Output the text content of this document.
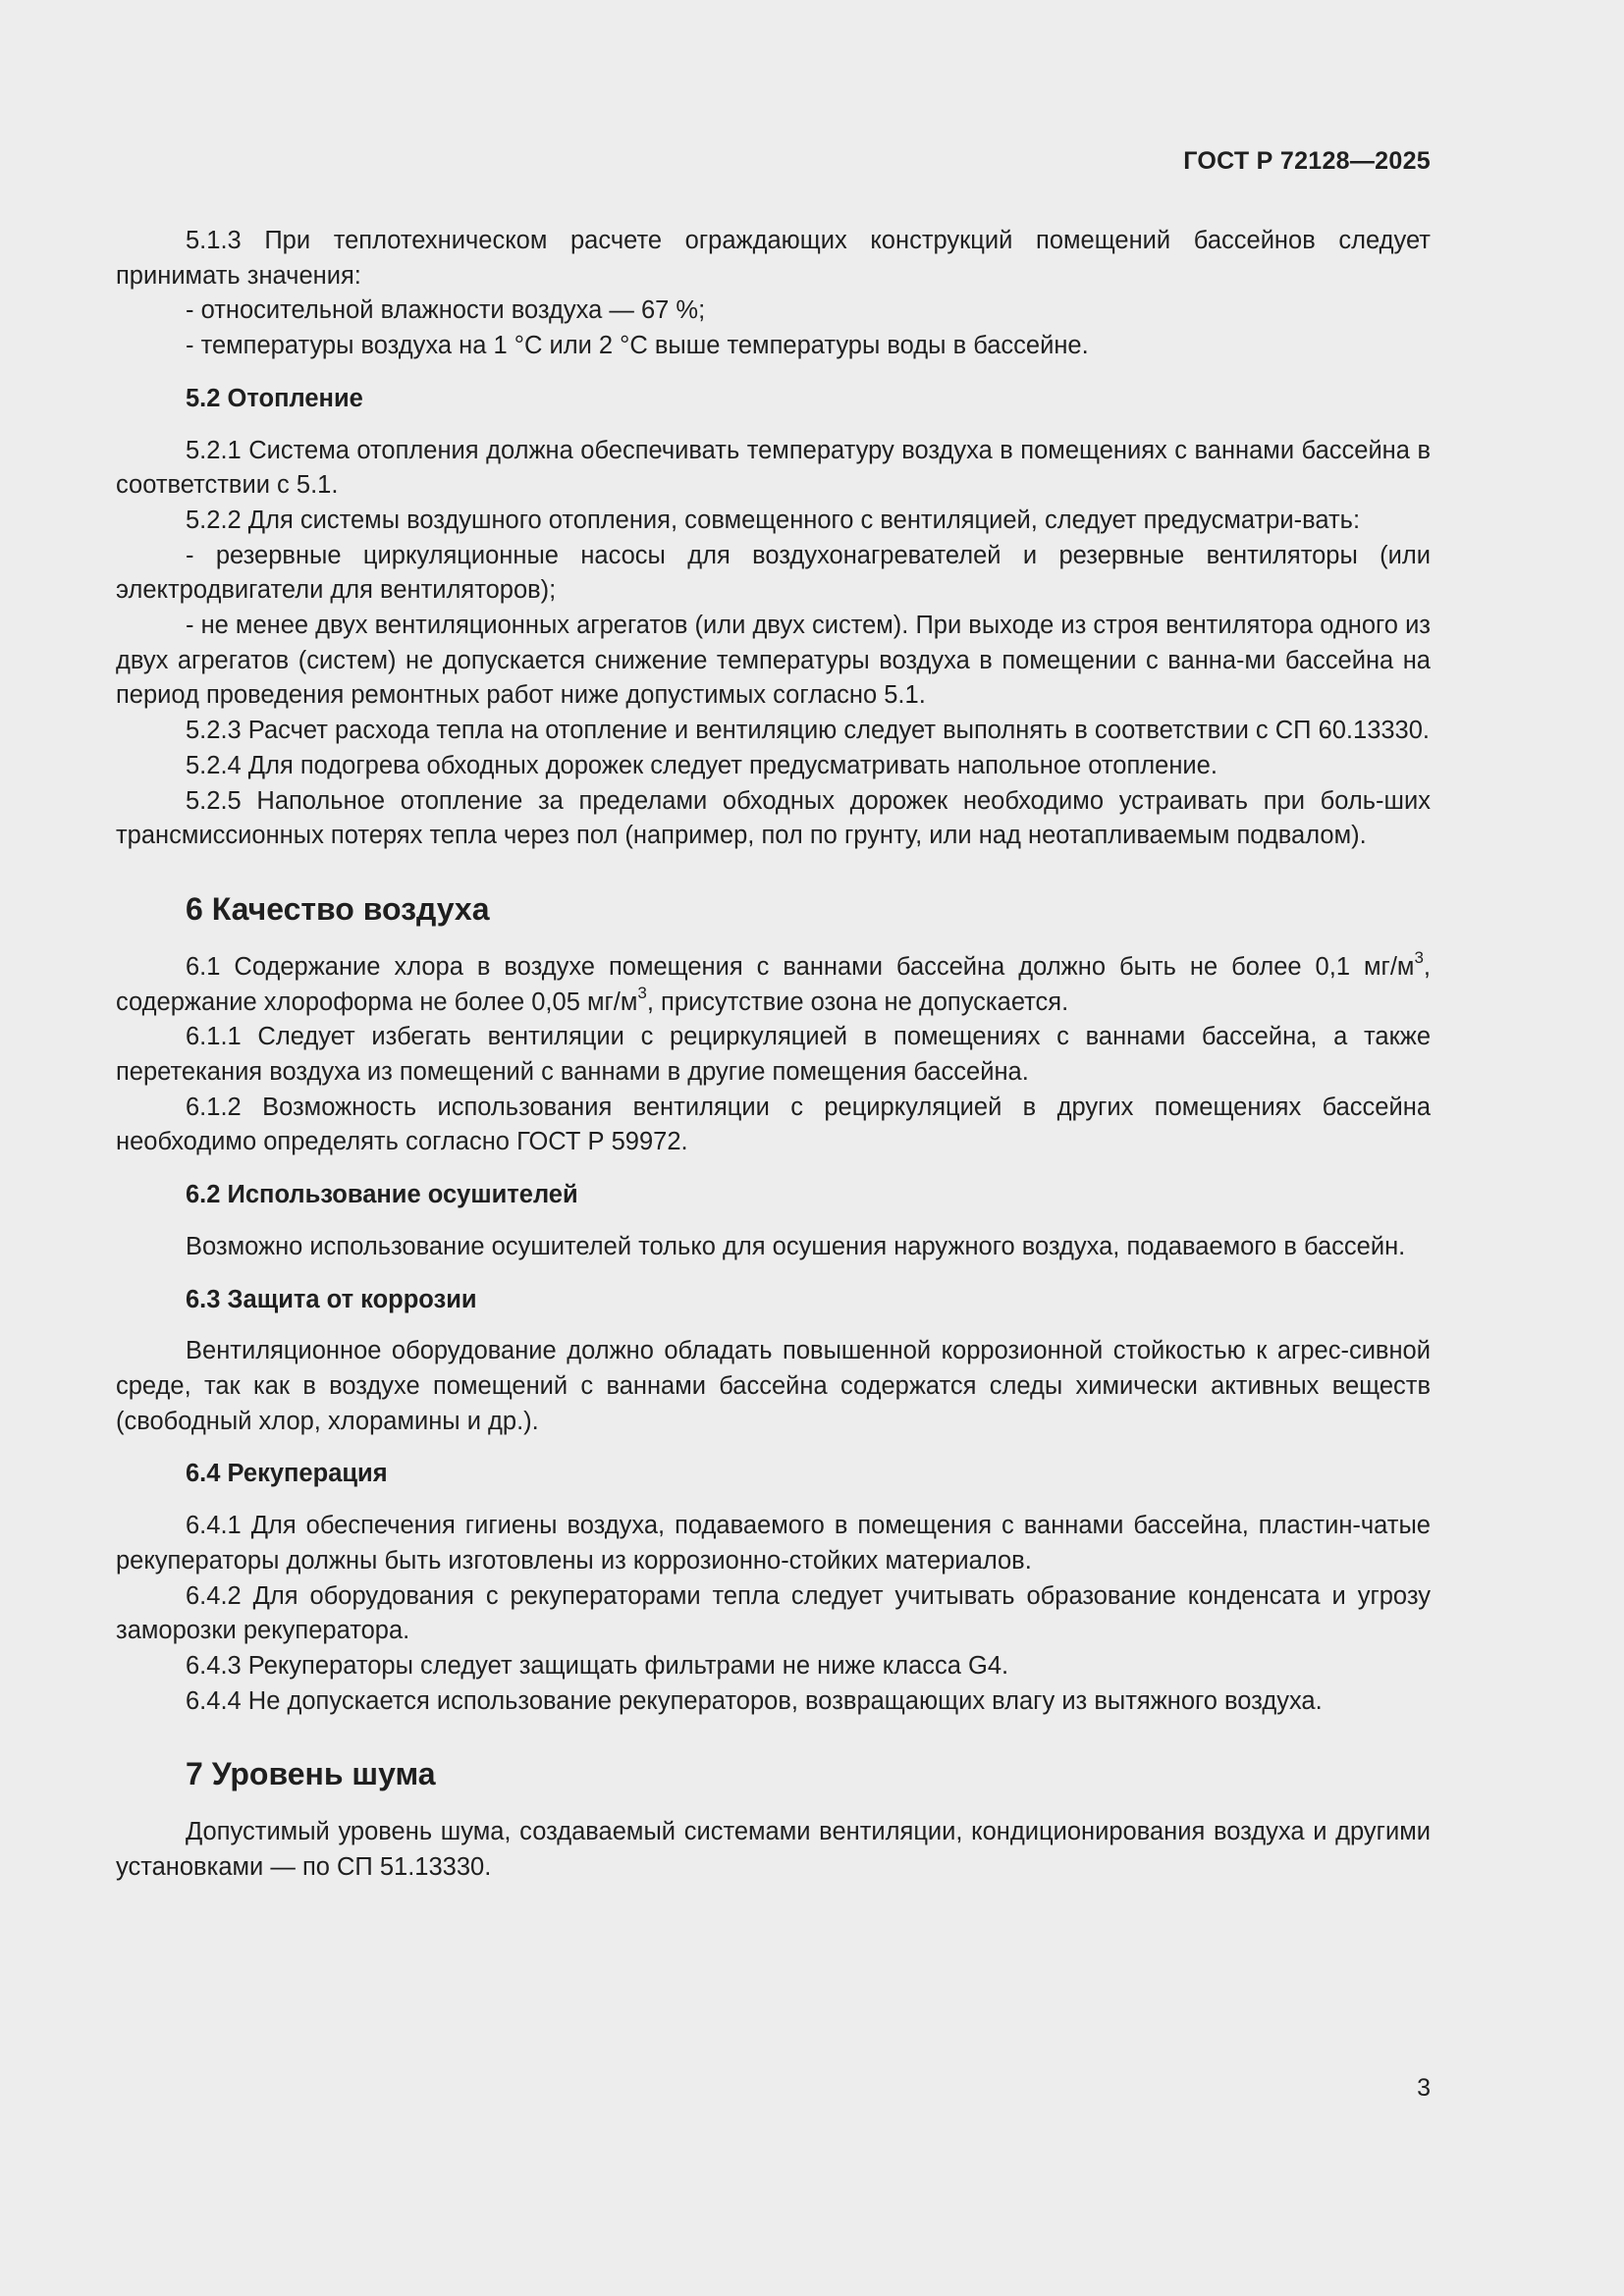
ГОСТ Р 72128—2025

5.1.3 При теплотехническом расчете ограждающих конструкций помещений бассейнов следует принимать значения:

- относительной влажности воздуха — 67 %;

- температуры воздуха на 1 °C или 2 °C выше температуры воды в бассейне.

5.2 Отопление

5.2.1 Система отопления должна обеспечивать температуру воздуха в помещениях с ваннами бассейна в соответствии с 5.1.

5.2.2 Для системы воздушного отопления, совмещенного с вентиляцией, следует предусматри-вать:

- резервные циркуляционные насосы для воздухонагревателей и резервные вентиляторы (или электродвигатели для вентиляторов);

- не менее двух вентиляционных агрегатов (или двух систем). При выходе из строя вентилятора одного из двух агрегатов (систем) не допускается снижение температуры воздуха в помещении с ванна-ми бассейна на период проведения ремонтных работ ниже допустимых согласно 5.1.

5.2.3 Расчет расхода тепла на отопление и вентиляцию следует выполнять в соответствии с СП 60.13330.

5.2.4 Для подогрева обходных дорожек следует предусматривать напольное отопление.

5.2.5 Напольное отопление за пределами обходных дорожек необходимо устраивать при боль-ших трансмиссионных потерях тепла через пол (например, пол по грунту, или над неотапливаемым подвалом).

6 Качество воздуха

6.1 Содержание хлора в воздухе помещения с ваннами бассейна должно быть не более 0,1 $мг/м^3$, содержание хлороформа не более 0,05 $мг/м^3$, присутствие озона не допускается.

6.1.1 Следует избегать вентиляции с рециркуляцией в помещениях с ваннами бассейна, а также перетекания воздуха из помещений с ваннами в другие помещения бассейна.

6.1.2 Возможность использования вентиляции с рециркуляцией в других помещениях бассейна необходимо определять согласно ГОСТ Р 59972.

6.2 Использование осушителей

Возможно использование осушителей только для осушения наружного воздуха, подаваемого в бассейн.

6.3 Защита от коррозии

Вентиляционное оборудование должно обладать повышенной коррозионной стойкостью к агрес-сивной среде, так как в воздухе помещений с ваннами бассейна содержатся следы химически активных веществ (свободный хлор, хлорамины и др.).

6.4 Рекуперация

6.4.1 Для обеспечения гигиены воздуха, подаваемого в помещения с ваннами бассейна, пластин-чатые рекуператоры должны быть изготовлены из коррозионно-стойких материалов.

6.4.2 Для оборудования с рекуператорами тепла следует учитывать образование конденсата и угрозу заморозки рекуператора.

6.4.3 Рекуператоры следует защищать фильтрами не ниже класса G4.

6.4.4 Не допускается использование рекуператоров, возвращающих влагу из вытяжного воздуха.

7 Уровень шума

Допустимый уровень шума, создаваемый системами вентиляции, кондиционирования воздуха и другими установками — по СП 51.13330.

3
